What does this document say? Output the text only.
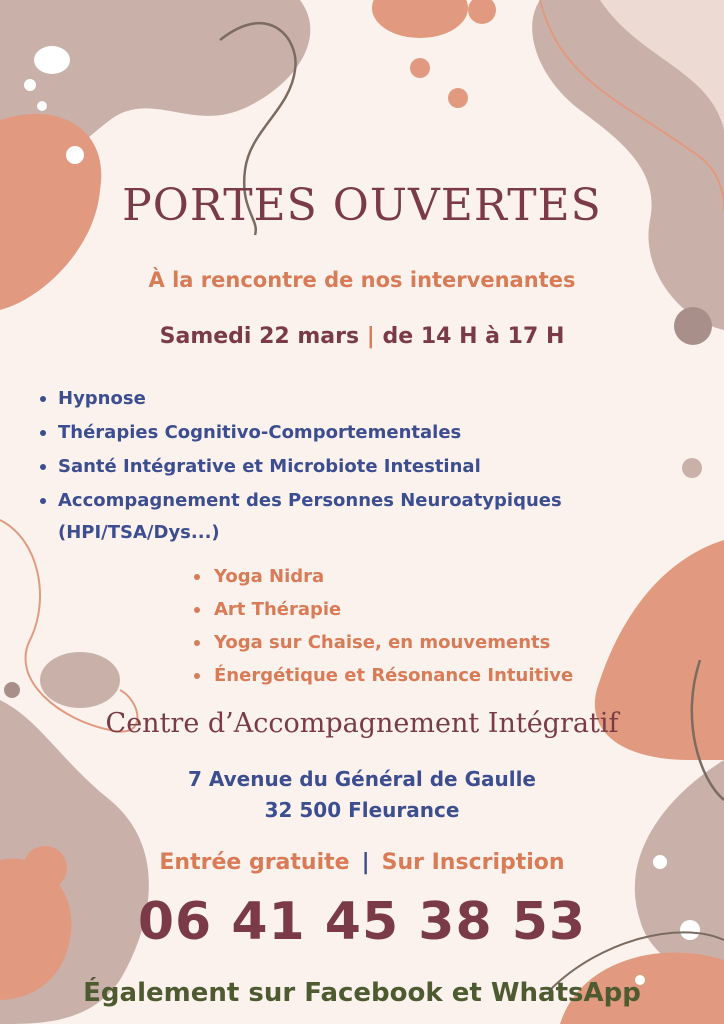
PORTES OUVERTES

À la rencontre de nos intervenantes

Samedi 22 mars | de 14 H à 17 H

Hypnose
Thérapies Cognitivo-Comportementales
Santé Intégrative et Microbiote Intestinal
Accompagnement des Personnes Neuroatypiques
(HPI/TSA/Dys...)
Yoga Nidra
Art Thérapie
Yoga sur Chaise, en mouvements
Énergétique et Résonance Intuitive

Centre d’Accompagnement Intégratif

7 Avenue du Général de Gaulle
32 500 Fleurance

Entrée gratuite | Sur Inscription

06 41 45 38 53

Également sur Facebook et WhatsApp
